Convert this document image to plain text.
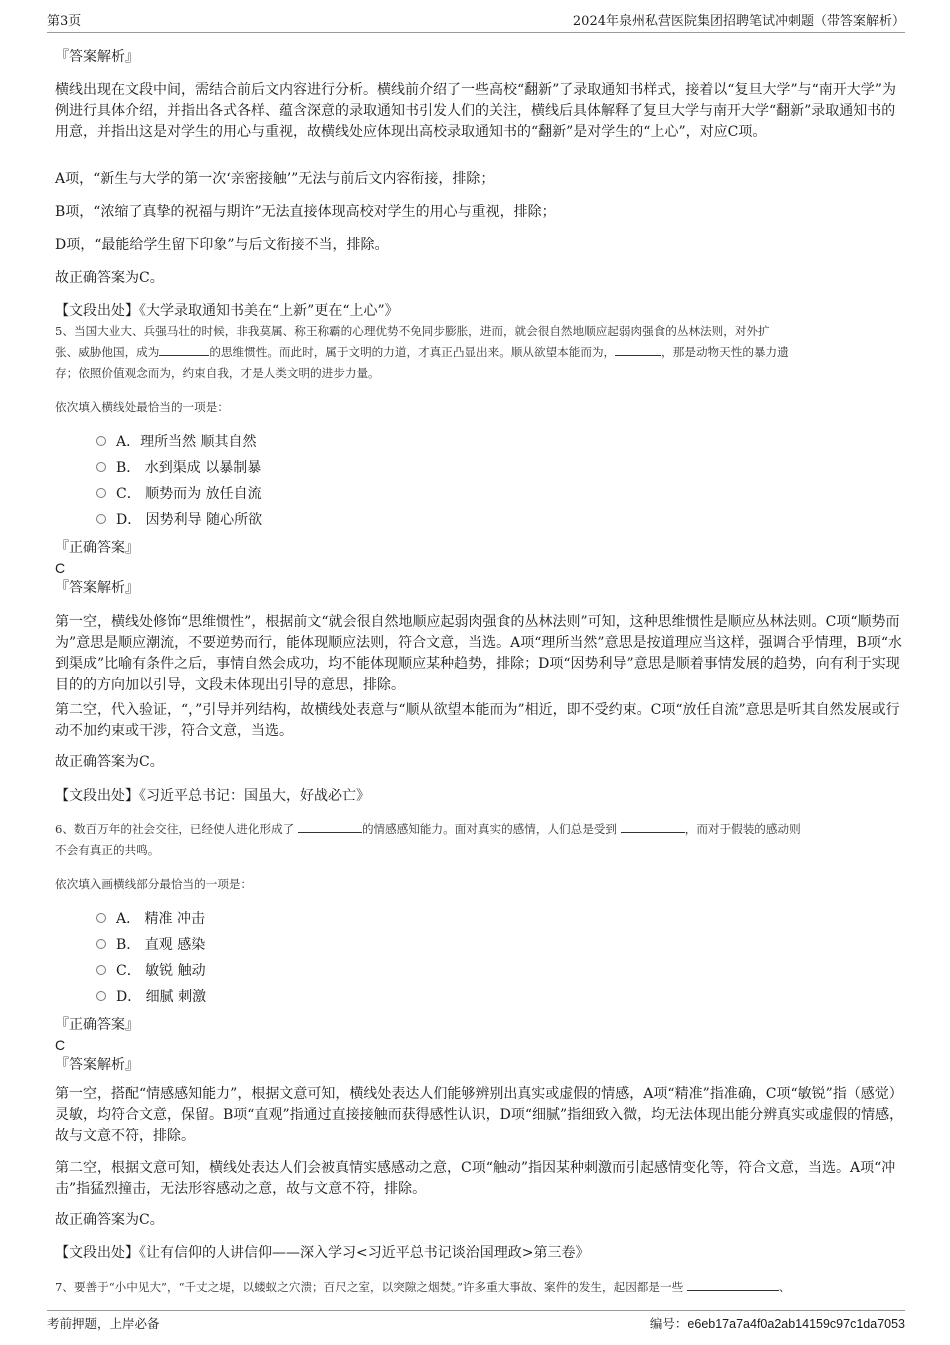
第3页	2024年泉州私营医院集团招聘笔试冲刺题（带答案解析）
『答案解析』
横线出现在文段中间，需结合前后文内容进行分析。横线前介绍了一些高校“翻新”了录取通知书样式，接着以“复旦大学”与“南开大学”为例进行具体介绍，并指出各式各样、蕴含深意的录取通知书引发人们的关注，横线后具体解释了复旦大学与南开大学“翻新”录取通知书的用意，并指出这是对学生的用心与重视，故横线处应体现出高校录取通知书的“翻新”是对学生的“上心”，对应C项。
A项，“新生与大学的第一次‘亲密接触’”无法与前后文内容衔接，排除；
B项，“浓缩了真挚的祝福与期许”无法直接体现高校对学生的用心与重视，排除；
D项，“最能给学生留下印象”与后文衔接不当，排除。
故正确答案为C。
【文段出处】《大学录取通知书美在“上新”更在“上心”》
5、当国大业大、兵强马壮的时候，非我莫属、称王称霸的心理优势不免同步膨胀，进而，就会很自然地顺应起弱肉强食的丛林法则，对外扩
张、威胁他国，成为	的思维惯性。而此时，属于文明的力道，才真正凸显出来。顺从欲望本能而为，	，那是动物天性的暴力遗
存；依照价值观念而为，约束自我，才是人类文明的进步力量。
依次填入横线处最恰当的一项是：
A．理所当然 顺其自然
B． 水到渠成 以暴制暴
C． 顺势而为 放任自流
D． 因势利导 随心所欲
『正确答案』
C
『答案解析』
第一空，横线处修饰“思维惯性”，根据前文“就会很自然地顺应起弱肉强食的丛林法则”可知，这种思维惯性是顺应丛林法则。C项“顺势而为”意思是顺应潮流，不要逆势而行，能体现顺应法则，符合文意，当选。A项“理所当然”意思是按道理应当这样，强调合乎情理，B项“水到渠成”比喻有条件之后，事情自然会成功，均不能体现顺应某种趋势，排除；D项“因势利导”意思是顺着事情发展的趋势，向有利于实现目的的方向加以引导，文段未体现出引导的意思，排除。
第二空，代入验证，“，”引导并列结构，故横线处表意与“顺从欲望本能而为”相近，即不受约束。C项“放任自流”意思是听其自然发展或行动不加约束或干涉，符合文意，当选。
故正确答案为C。
【文段出处】《习近平总书记：国虽大，好战必亡》
6、数百万年的社会交往，已经使人进化形成了	的情感感知能力。面对真实的感情，人们总是受到	，而对于假装的感动则
不会有真正的共鸣。
依次填入画横线部分最恰当的一项是：
A． 精准 冲击
B． 直观 感染
C． 敏锐 触动
D． 细腻 刺激
『正确答案』
C
『答案解析』
第一空，搭配“情感感知能力”，根据文意可知，横线处表达人们能够辨别出真实或虚假的情感，A项“精准”指准确，C项“敏锐”指（感觉）灵敏，均符合文意，保留。B项“直观”指通过直接接触而获得感性认识，D项“细腻”指细致入微，均无法体现出能分辨真实或虚假的情感，故与文意不符，排除。
第二空，根据文意可知，横线处表达人们会被真情实感感动之意，C项“触动”指因某种刺激而引起感情变化等，符合文意，当选。A项“冲击”指猛烈撞击，无法形容感动之意，故与文意不符，排除。
故正确答案为C。
【文段出处】《让有信仰的人讲信仰——深入学习<习近平总书记谈治国理政>第三卷》
7、要善于“小中见大”，“千丈之堤，以蝼蚁之穴溃；百尺之室，以突隙之烟焚。”许多重大事故、案件的发生，起因都是一些	、
考前押题，上岸必备	编号：e6eb17a7a4f0a2ab14159c97c1da7053
